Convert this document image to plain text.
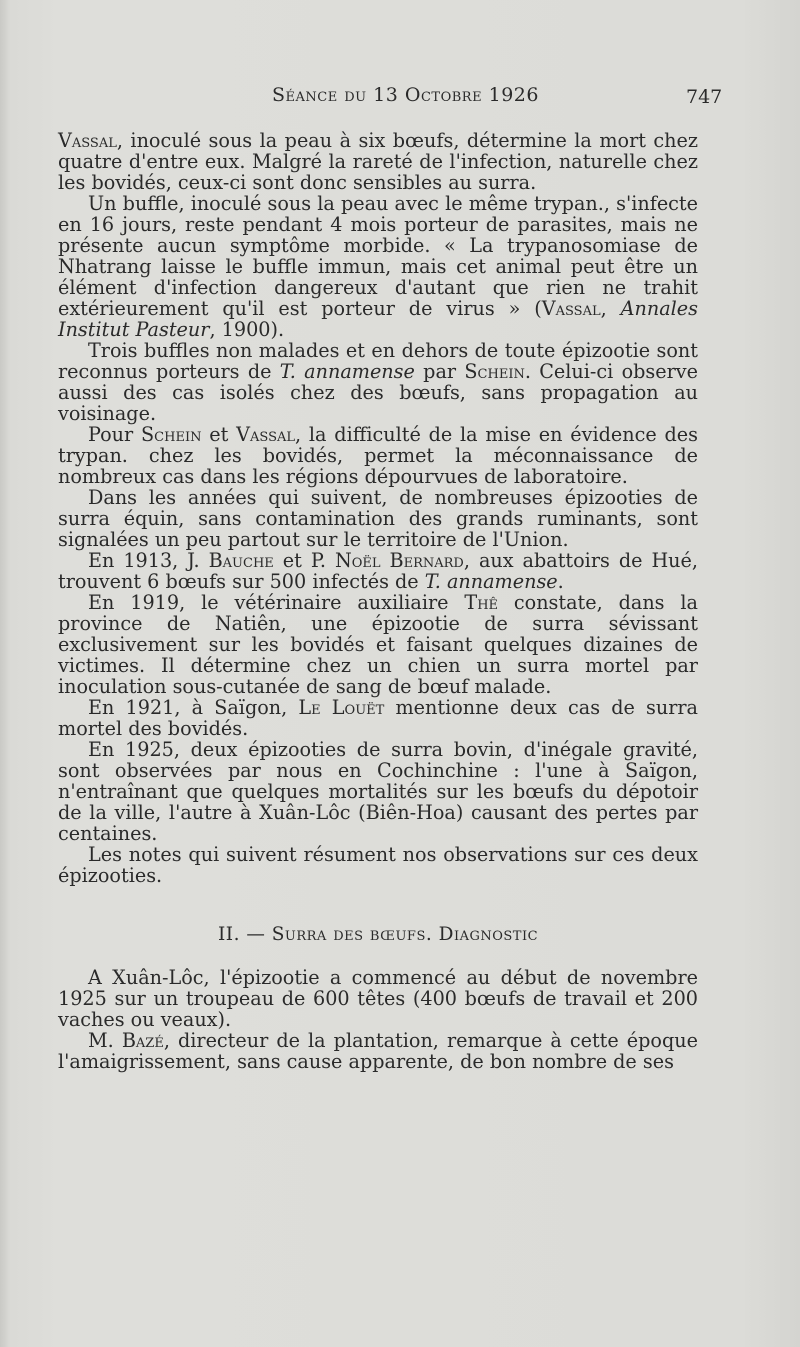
Séance du 13 Octobre 1926	747

Vassal, inoculé sous la peau à six bœufs, détermine la mort chez quatre d'entre eux. Malgré la rareté de l'infection, naturelle chez les bovidés, ceux-ci sont donc sensibles au surra.

Un buffle, inoculé sous la peau avec le même trypan., s'infecte en 16 jours, reste pendant 4 mois porteur de parasites, mais ne présente aucun symptôme morbide. « La trypanosomiase de Nhatrang laisse le buffle immun, mais cet animal peut être un élément d'infection dangereux d'autant que rien ne trahit extérieurement qu'il est porteur de virus » (Vassal, Annales Institut Pasteur, 1900).

Trois buffles non malades et en dehors de toute épizootie sont reconnus porteurs de T. annamense par Schein. Celui-ci observe aussi des cas isolés chez des bœufs, sans propagation au voisinage.

Pour Schein et Vassal, la difficulté de la mise en évidence des trypan. chez les bovidés, permet la méconnaissance de nombreux cas dans les régions dépourvues de laboratoire.

Dans les années qui suivent, de nombreuses épizooties de surra équin, sans contamination des grands ruminants, sont signalées un peu partout sur le territoire de l'Union.

En 1913, J. Bauche et P. Noël Bernard, aux abattoirs de Hué, trouvent 6 bœufs sur 500 infectés de T. annamense.

En 1919, le vétérinaire auxiliaire Thê constate, dans la province de Natiên, une épizootie de surra sévissant exclusivement sur les bovidés et faisant quelques dizaines de victimes. Il détermine chez un chien un surra mortel par inoculation sous-cutanée de sang de bœuf malade.

En 1921, à Saïgon, Le Louët mentionne deux cas de surra mortel des bovidés.

En 1925, deux épizooties de surra bovin, d'inégale gravité, sont observées par nous en Cochinchine : l'une à Saïgon, n'entraînant que quelques mortalités sur les bœufs du dépotoir de la ville, l'autre à Xuân-Lôc (Biên-Hoa) causant des pertes par centaines.

Les notes qui suivent résument nos observations sur ces deux épizooties.

II. — Surra des bœufs. Diagnostic

A Xuân-Lôc, l'épizootie a commencé au début de novembre 1925 sur un troupeau de 600 têtes (400 bœufs de travail et 200 vaches ou veaux).

M. Bazé, directeur de la plantation, remarque à cette époque l'amaigrissement, sans cause apparente, de bon nombre de ses
